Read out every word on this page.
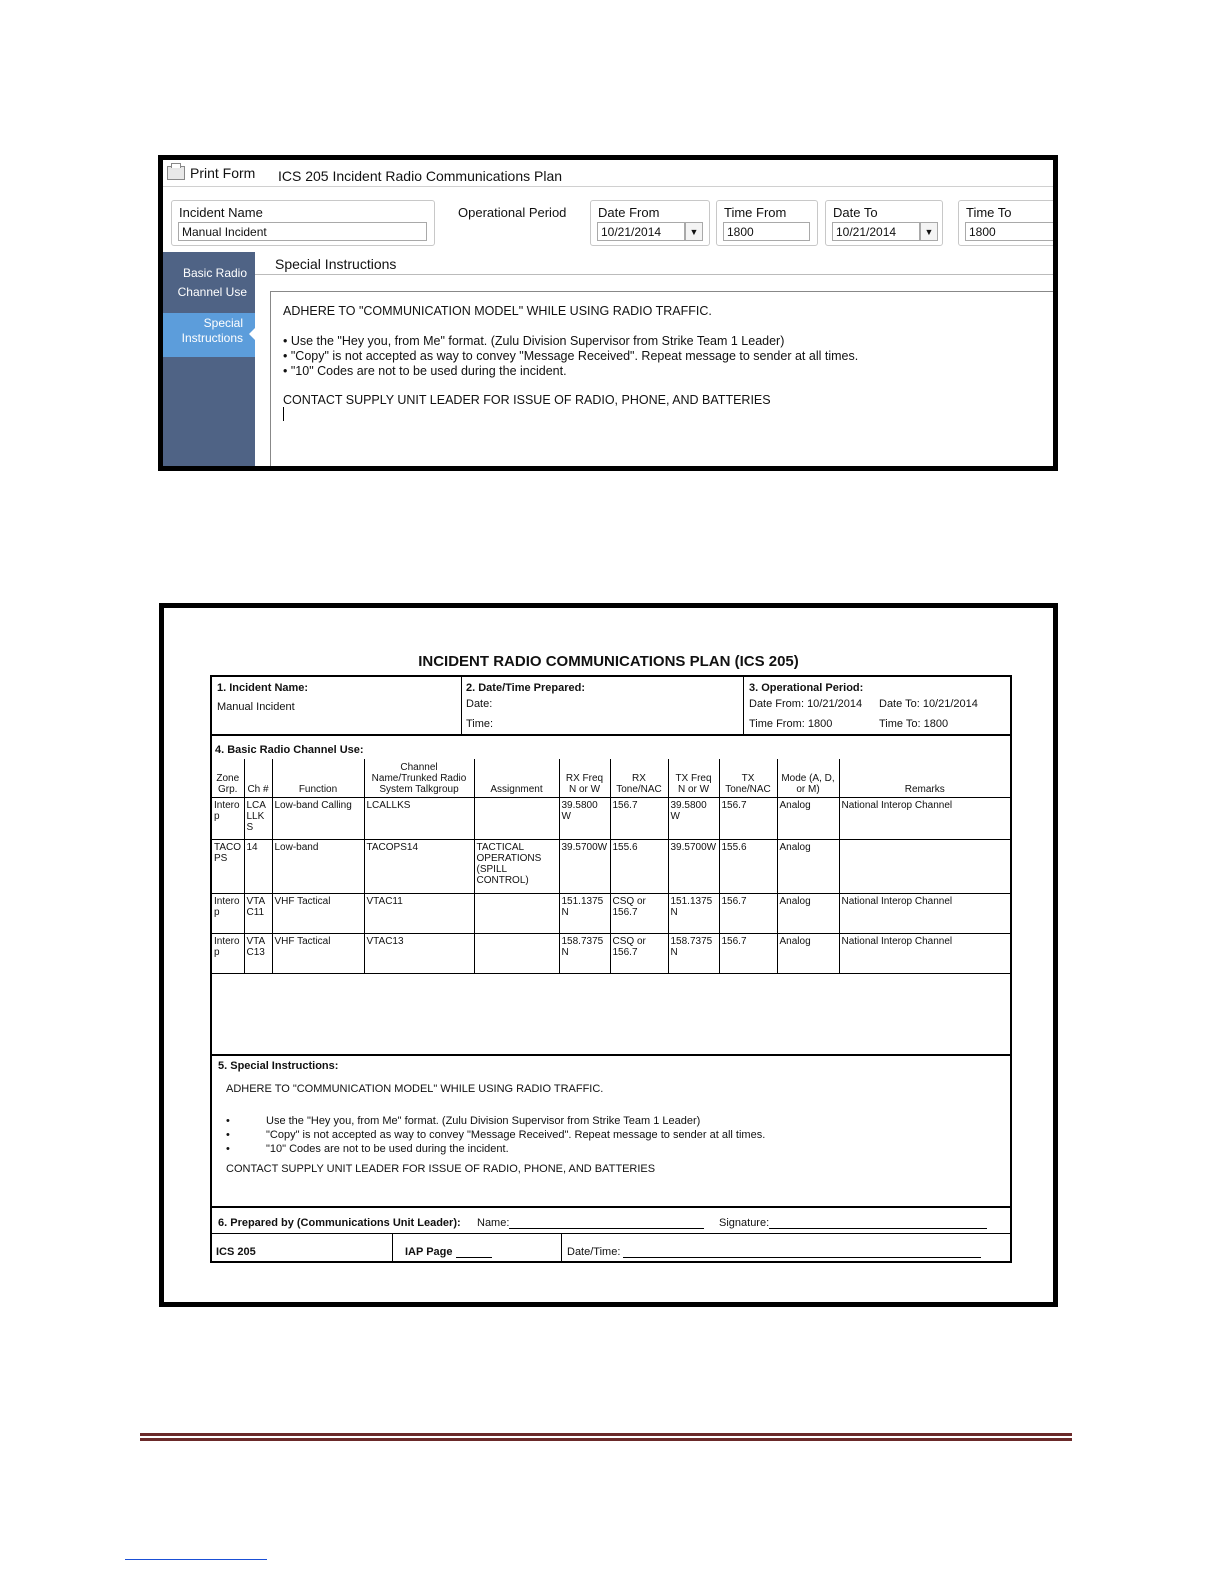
Print Form ICS 205 Incident Radio Communications Plan
Incident Name
Manual Incident
Operational Period Date From
10/21/2014	▼
Time From
1800
Date To
10/21/2014	▼
Time To
1800
Basic Radio
Channel Use
Special
Instructions
Special Instructions

ADHERE TO "COMMUNICATION MODEL" WHILE USING RADIO TRAFFIC.

• Use the "Hey you, from Me" format. (Zulu Division Supervisor from Strike Team 1 Leader)

• "Copy" is not accepted as way to convey "Message Received". Repeat message to sender at all times.

• "10" Codes are not to be used during the incident.

CONTACT SUPPLY UNIT LEADER FOR ISSUE OF RADIO, PHONE, AND BATTERIES

INCIDENT RADIO COMMUNICATIONS PLAN (ICS 205)
1. Incident Name:
Manual Incident
2. Date/Time Prepared:
Date:
Time:
3. Operational Period:
Date From: 10/21/2014 Date To: 10/21/2014
Time From: 1800	Time To: 1800
4. Basic Radio Channel Use:
Zone Grp.	Ch #	Function	Channel Name/Trunked Radio System Talkgroup	Assignment	RX Freq N or W	RX Tone/NAC	TX Freq N or W	TX Tone/NAC	Mode (A, D, or M)	Remarks
Interop	LCALLKS	Low-band Calling	LCALLKS		39.5800 W	156.7	39.5800 W	156.7	Analog	National Interop Channel
TACOPS	14	Low-band	TACOPS14	TACTICAL OPERATIONS (SPILL CONTROL)	39.5700W	155.6	39.5700W	155.6	Analog	
Interop	VTAC11	VHF Tactical	VTAC11		151.1375 N	CSQ or 156.7	151.1375 N	156.7	Analog	National Interop Channel
Interop	VTAC13	VHF Tactical	VTAC13		158.7375 N	CSQ or 156.7	158.7375 N	156.7	Analog	National Interop Channel
5. Special Instructions:
ADHERE TO "COMMUNICATION MODEL" WHILE USING RADIO TRAFFIC.
•	Use the "Hey you, from Me" format. (Zulu Division Supervisor from Strike Team 1 Leader)
•	"Copy" is not accepted as way to convey "Message Received". Repeat message to sender at all times.
•	"10" Codes are not to be used during the incident.
CONTACT SUPPLY UNIT LEADER FOR ISSUE OF RADIO, PHONE, AND BATTERIES
6. Prepared by (Communications Unit Leader): Name:	Signature:
ICS 205	IAP Page	Date/Time:
